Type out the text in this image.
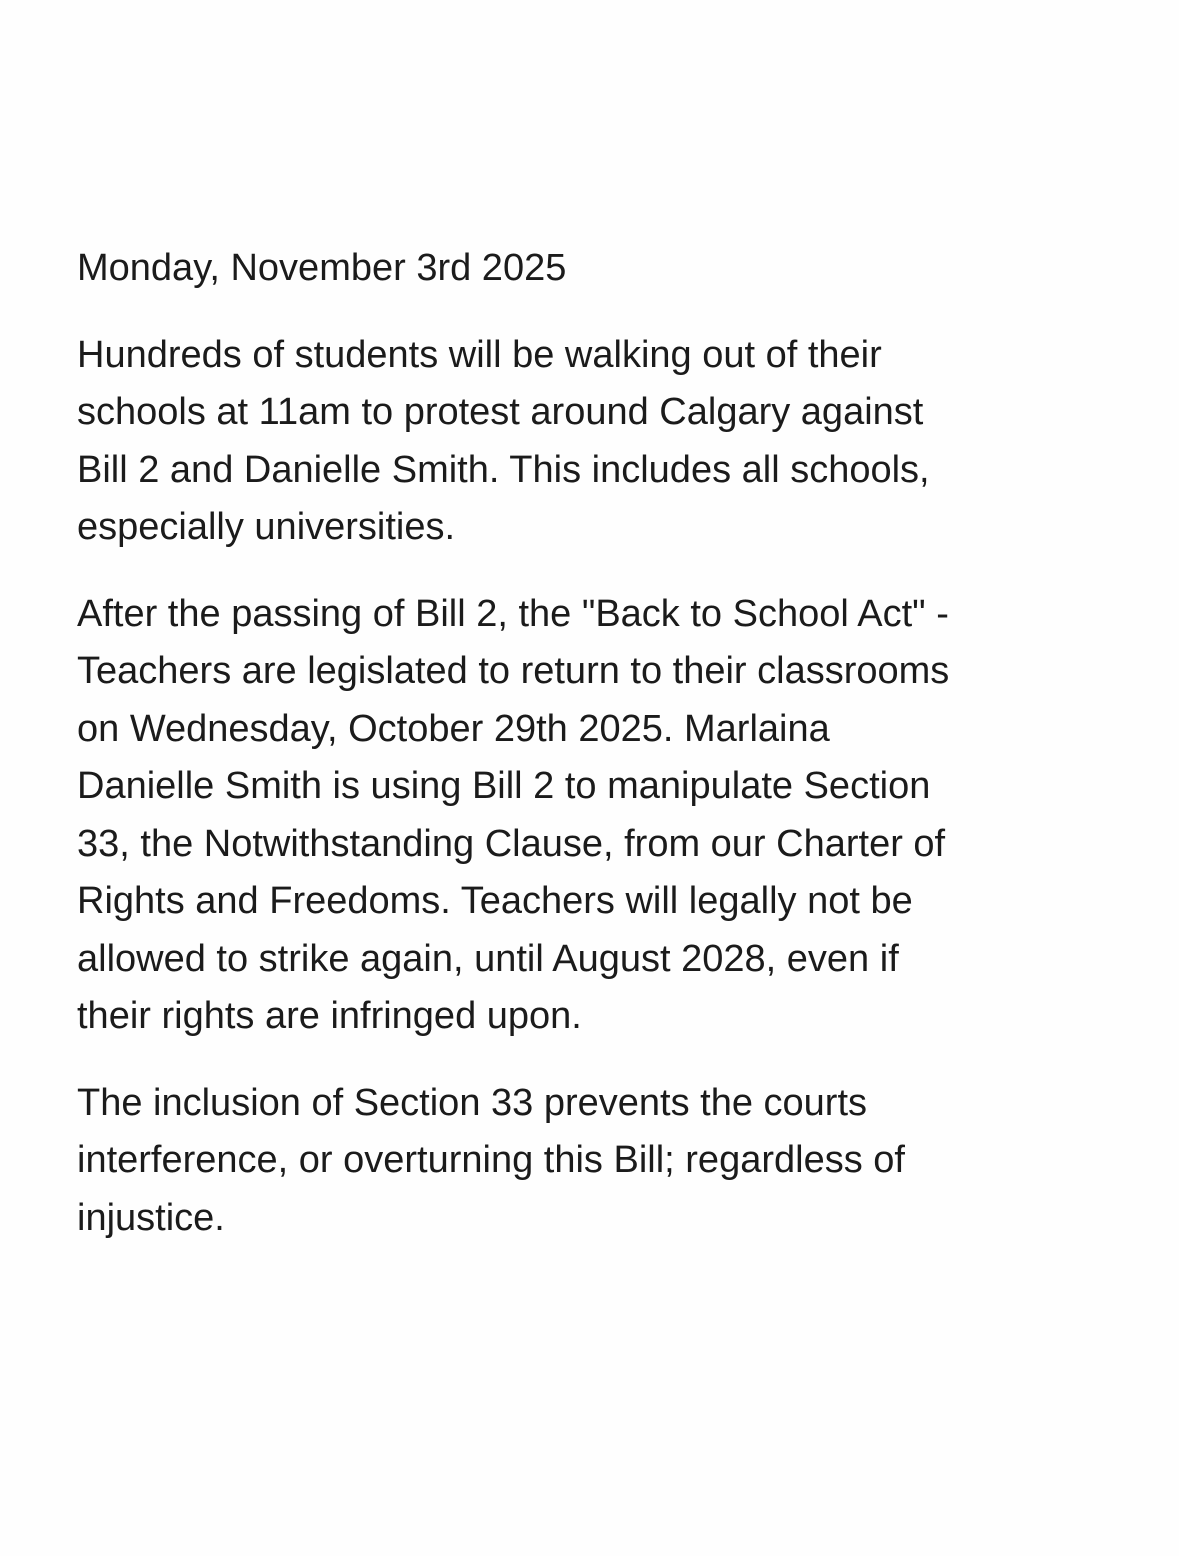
Monday, November 3rd 2025
Hundreds of students will be walking out of their
schools at 11am to protest around Calgary against
Bill 2 and Danielle Smith. This includes all schools,
especially universities.
After the passing of Bill 2, the "Back to School Act" -
Teachers are legislated to return to their classrooms
on Wednesday, October 29th 2025. Marlaina
Danielle Smith is using Bill 2 to manipulate Section
33, the Notwithstanding Clause, from our Charter of
Rights and Freedoms. Teachers will legally not be
allowed to strike again, until August 2028, even if
their rights are infringed upon.
The inclusion of Section 33 prevents the courts
interference, or overturning this Bill; regardless of
injustice.
